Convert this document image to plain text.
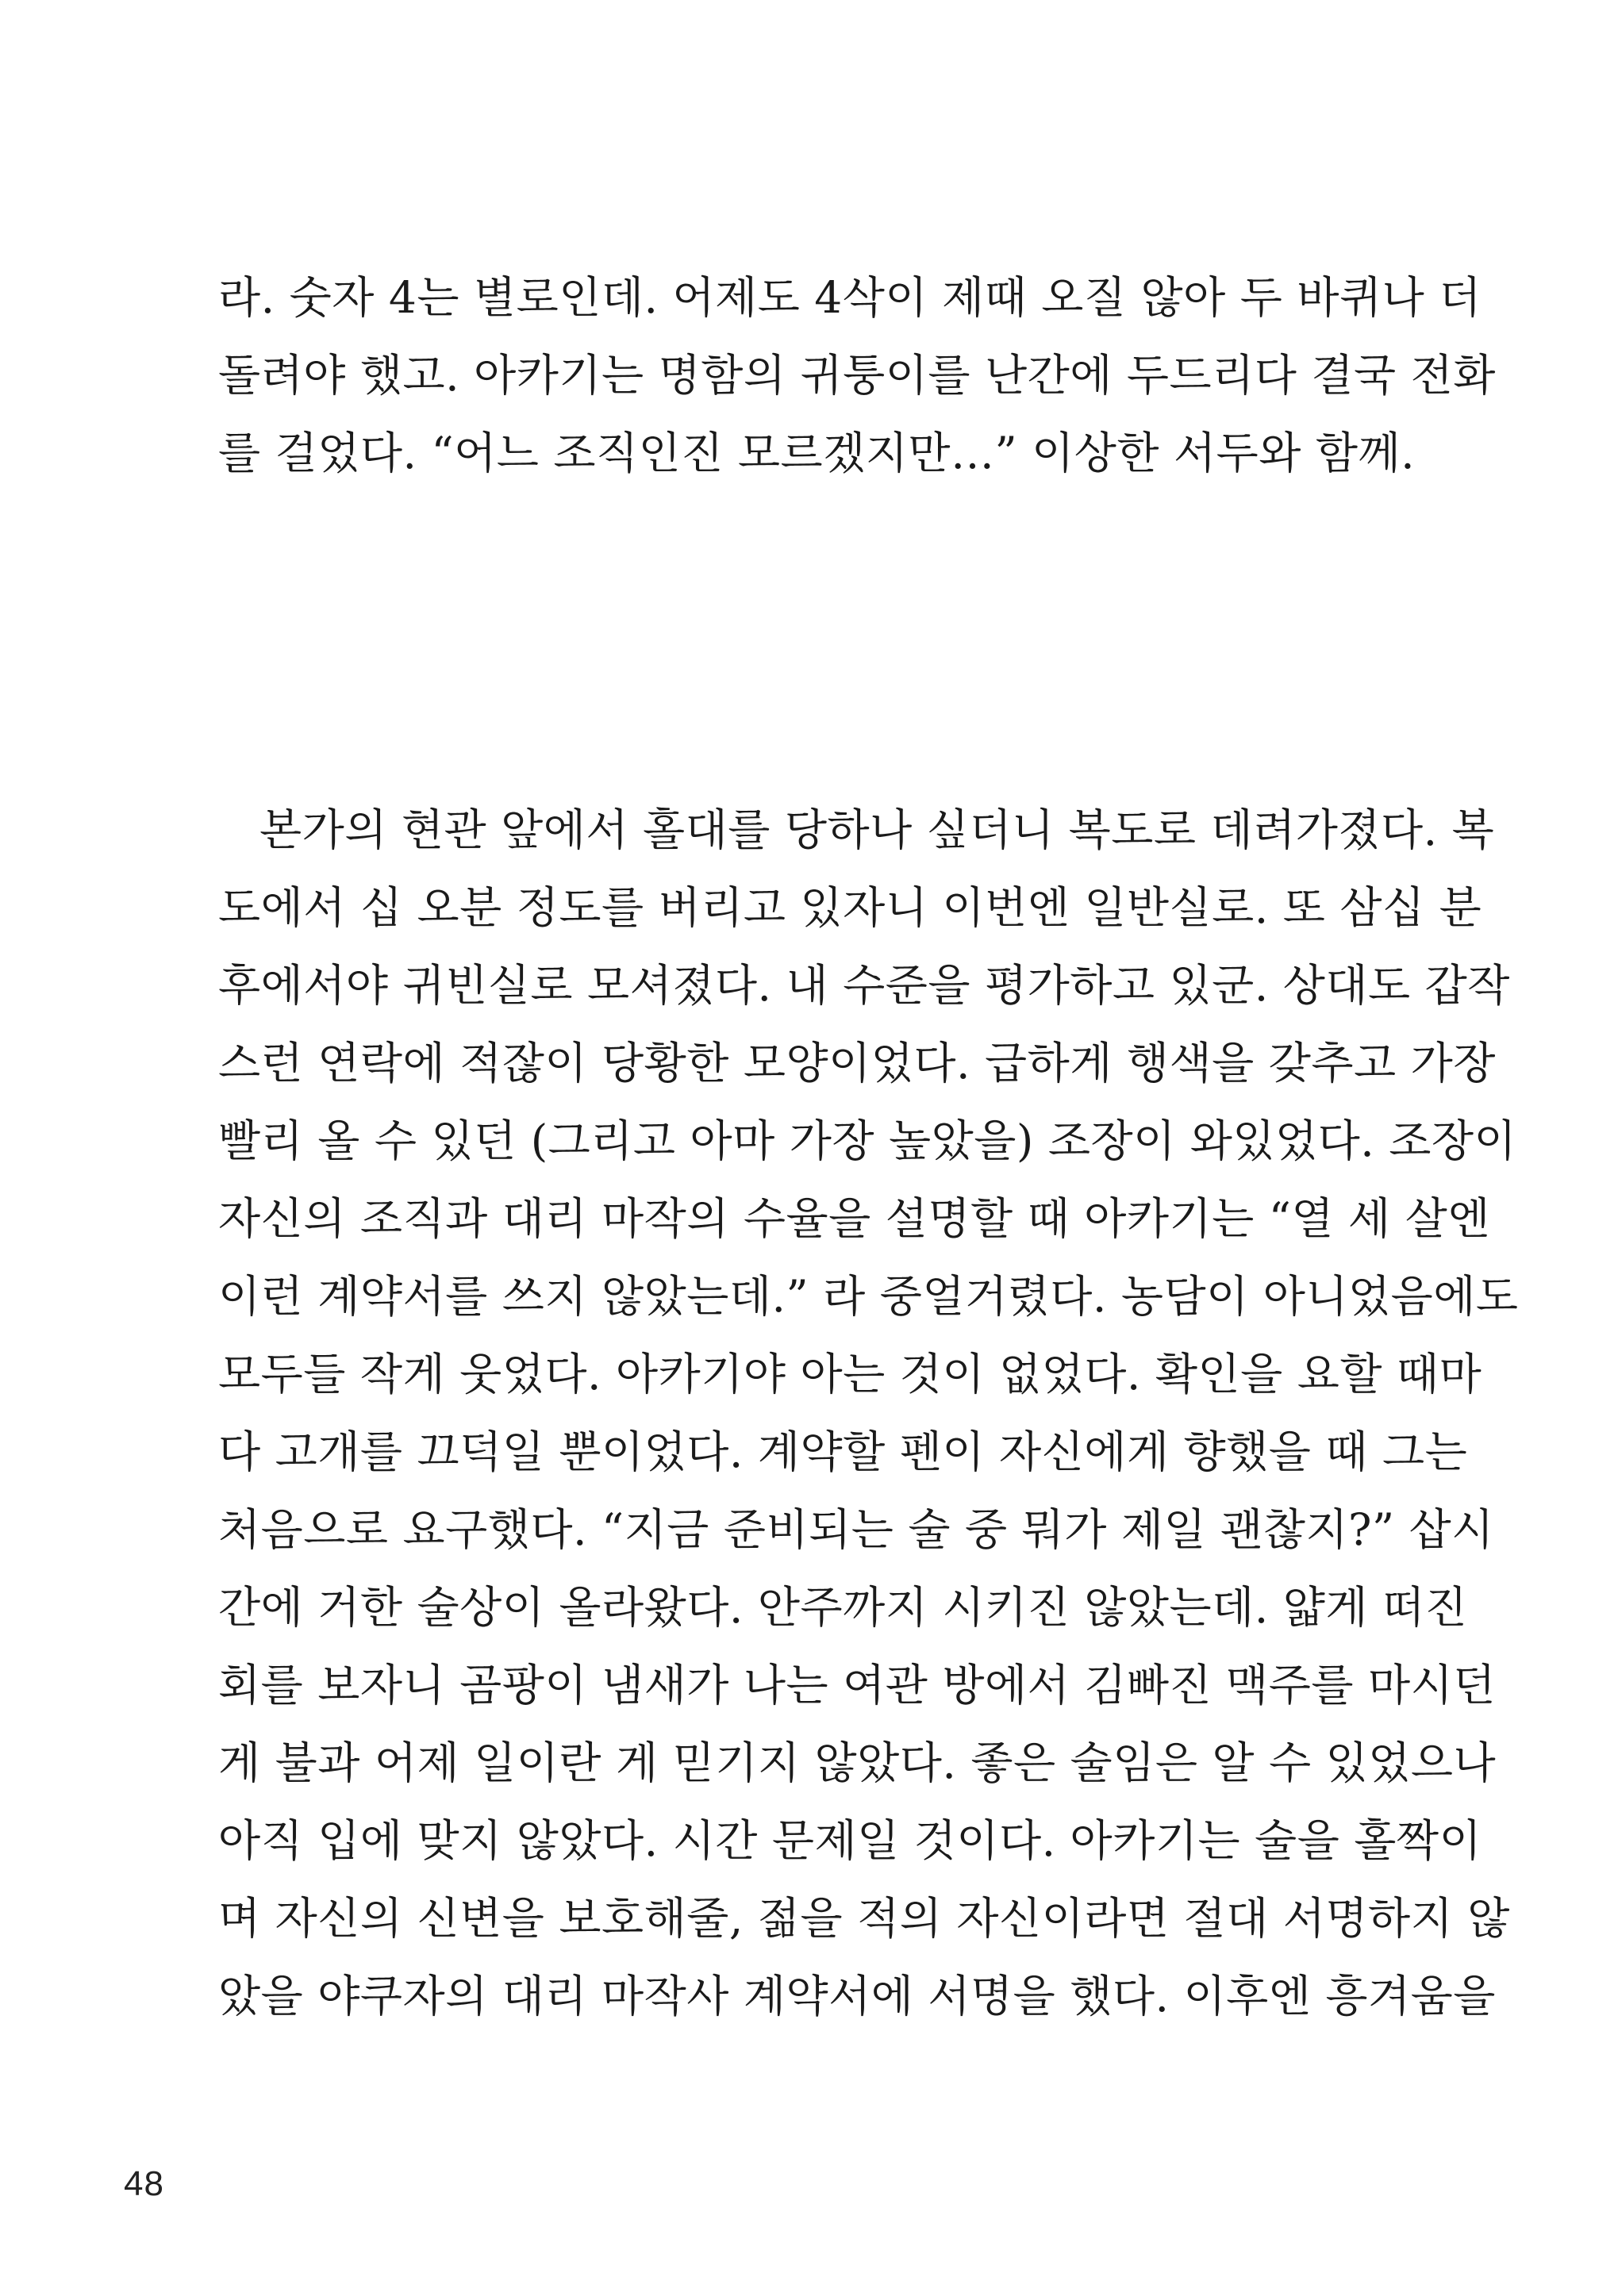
라. 숫자 4는 별로인데. 어제도 4삭이 제때 오질 않아 두 바퀴나 더
돌려야 했고. 아카기는 명함의 귀퉁이를 난간에 두드리다 결국 전화
를 걸었다. “어느 조직인진 모르겠지만…” 이상한 서두와 함께.
본가의 현관 앞에서 홀대를 당하나 싶더니 복도로 데려가졌다. 복
도에서 십 오분 정도를 버리고 있자니 이번엔 일반실로. 또 삼십 분
후에서야 귀빈실로 모셔졌다. 내 수준을 평가하고 있군. 상대도 갑작
스런 연락에 적잖이 당황한 모양이었다. 급하게 행색을 갖추고 가장
빨리 올 수 있던 (그리고 아마 가장 높았을) 조장이 와있었다. 조장이
자신의 조직과 대리 마작의 수율을 설명할 때 아카기는 “열 세 살엔
이런 계약서를 쓰지 않았는데.” 라 중얼거렸다. 농담이 아니었음에도
모두들 작게 웃었다. 아카기야 아는 것이 없었다. 확인을 요할 때마
다 고개를 끄덕일 뿐이었다. 계약할 펜이 자신에게 향했을 때 그는
처음으로 요구했다. “지금 준비되는 술 중 뭐가 제일 괜찮지?” 삽시
간에 거한 술상이 올라왔다. 안주까지 시키진 않았는데. 얇게 떠진
회를 보자니 곰팡이 냄새가 나는 여관 방에서 김빠진 맥주를 마시던
게 불과 어제 일이란 게 믿기지 않았다. 좋은 술임은 알 수 있었으나
아직 입에 맞지 않았다. 시간 문제일 것이다. 아카기는 술을 홀짝이
며 자신의 신변을 보호해줄, 젊을 적의 자신이라면 절대 서명하지 않
았을 야쿠자의 대리 마작사 계약서에 서명을 했다. 이후엔 흥겨움을
48
